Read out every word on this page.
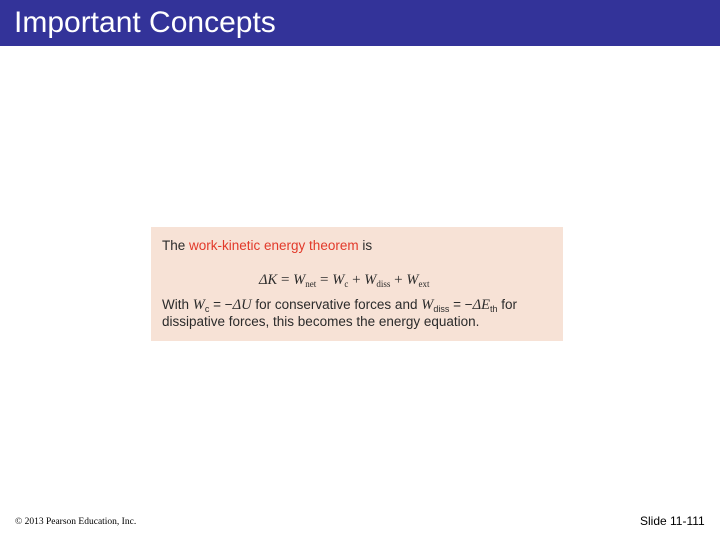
Important Concepts
The work-kinetic energy theorem is
$\Delta K = W_{net} = W_c + W_{diss} + W_{ext}$
With $W_c = -\Delta U$ for conservative forces and $W_{diss} = -\Delta E_{th}$ for
dissipative forces, this becomes the energy equation.
© 2013 Pearson Education, Inc.	Slide 11-111
